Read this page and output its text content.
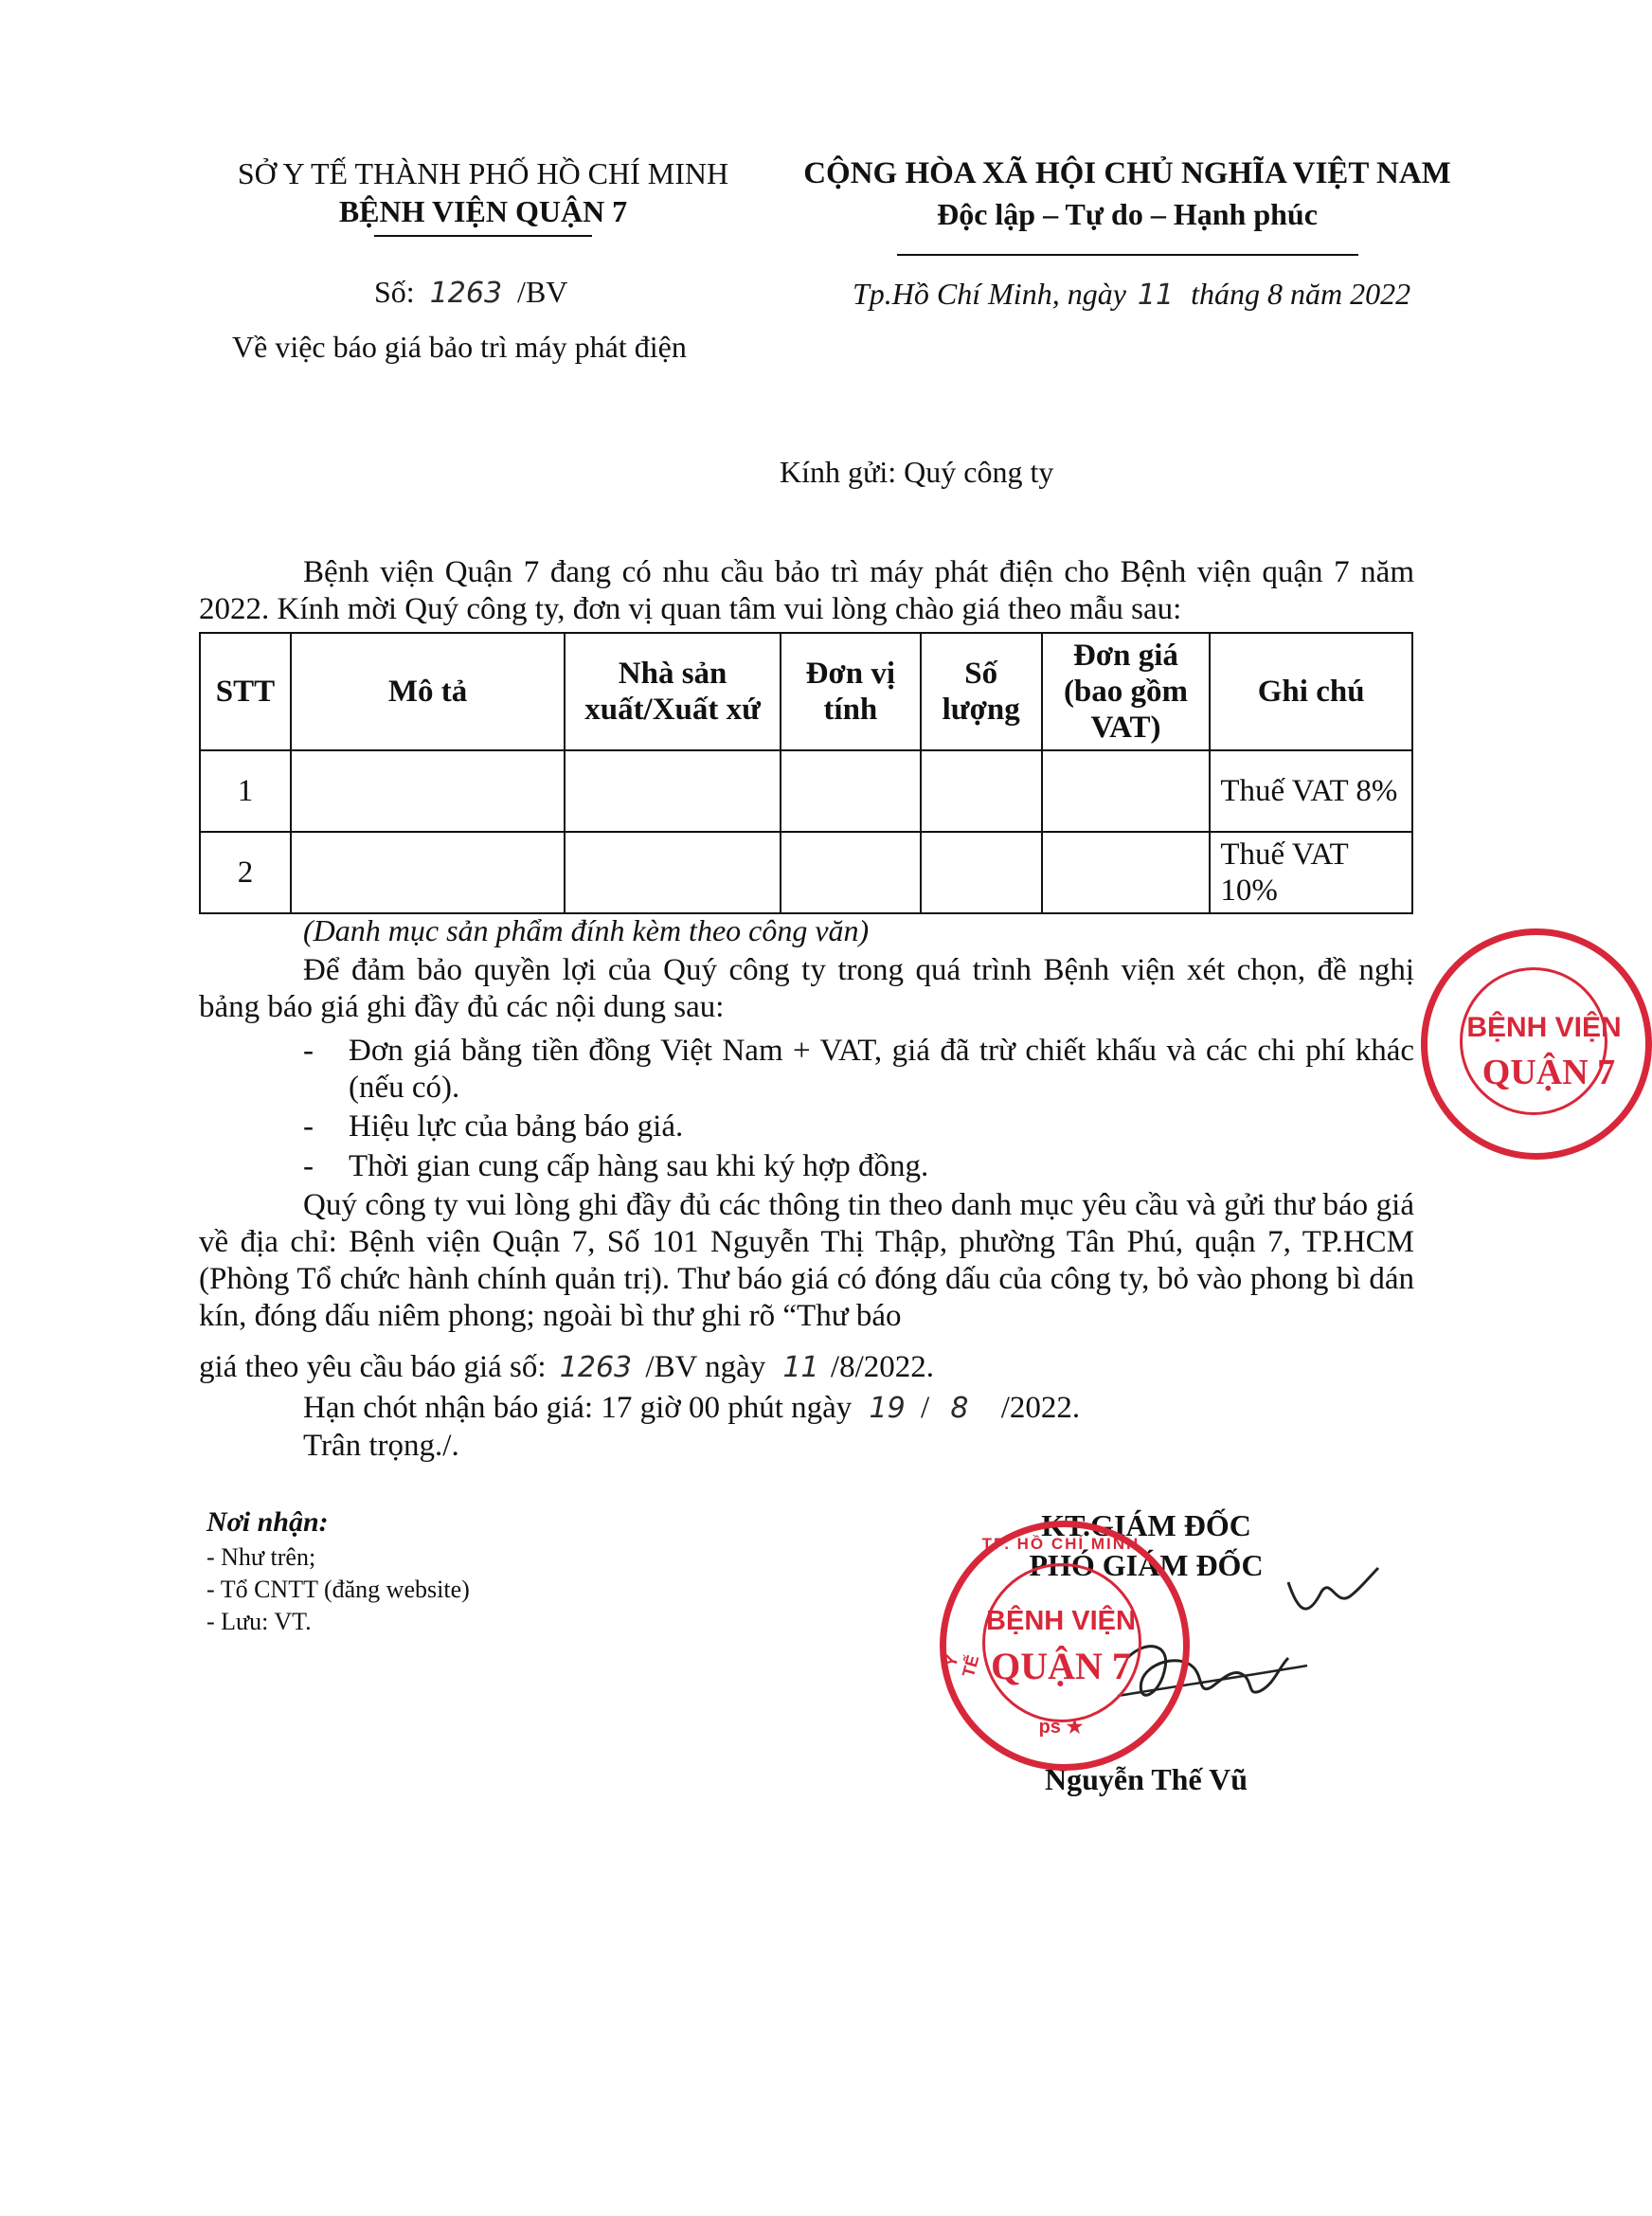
SỞ Y TẾ THÀNH PHỐ HỒ CHÍ MINH
BỆNH VIỆN QUẬN 7
Số: 1263 /BV
Về việc báo giá bảo trì máy phát điện
CỘNG HÒA XÃ HỘI CHỦ NGHĨA VIỆT NAM
Độc lập – Tự do – Hạnh phúc
Tp.Hồ Chí Minh, ngày 11 tháng 8 năm 2022
Kính gửi: Quý công ty
Bệnh viện Quận 7 đang có nhu cầu bảo trì máy phát điện cho Bệnh viện quận 7 năm 2022. Kính mời Quý công ty, đơn vị quan tâm vui lòng chào giá theo mẫu sau:
STT	Mô tả	Nhà sản xuất/Xuất xứ	Đơn vị tính	Số lượng	Đơn giá (bao gồm VAT)	Ghi chú
1						Thuế VAT 8%
2						Thuế VAT 10%
(Danh mục sản phẩm đính kèm theo công văn)
Để đảm bảo quyền lợi của Quý công ty trong quá trình Bệnh viện xét chọn, đề nghị bảng báo giá ghi đầy đủ các nội dung sau:
- Đơn giá bằng tiền đồng Việt Nam + VAT, giá đã trừ chiết khấu và các chi phí khác (nếu có).
- Hiệu lực của bảng báo giá.
- Thời gian cung cấp hàng sau khi ký hợp đồng.
Quý công ty vui lòng ghi đầy đủ các thông tin theo danh mục yêu cầu và gửi thư báo giá về địa chỉ: Bệnh viện Quận 7, Số 101 Nguyễn Thị Thập, phường Tân Phú, quận 7, TP.HCM (Phòng Tổ chức hành chính quản trị). Thư báo giá có đóng dấu của công ty, bỏ vào phong bì dán kín, đóng dấu niêm phong; ngoài bì thư ghi rõ “Thư báo
giá theo yêu cầu báo giá số: 1263 /BV ngày 11 /8/2022.
Hạn chót nhận báo giá: 17 giờ 00 phút ngày 19 / 8 /2022.
Trân trọng./.
Nơi nhận:
- Như trên;
- Tổ CNTT (đăng website)
- Lưu: VT.
KT.GIÁM ĐỐC
PHÓ GIÁM ĐỐC
Nguyễn Thế Vũ
BỆNH VIỆN
QUẬN 7
BỆNH VIỆN
QUẬN 7
TP. HỒ CHÍ MINH
Y TẾ
ps ★
